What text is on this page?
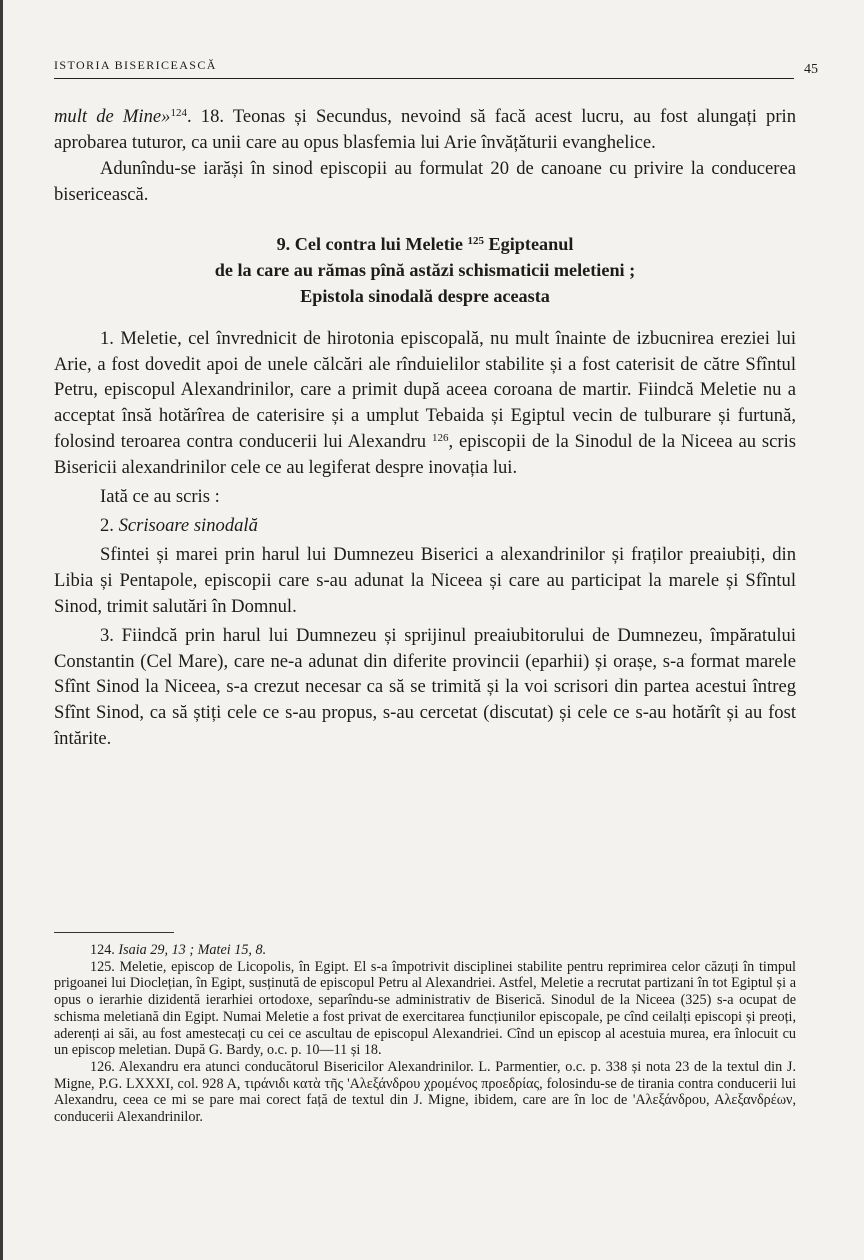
ISTORIA BISERICEASCĂ	45

mult de Mine»$^{124}$. 18. Teonas și Secundus, nevoind să facă acest lucru, au fost alungați prin aprobarea tuturor, ca unii care au opus blasfemia lui Arie învățăturii evanghelice.

Adunîndu-se iarăși în sinod episcopii au formulat 20 de canoane cu privire la conducerea bisericească.

9. Cel contra lui Meletie $^{125}$ Egipteanul
de la care au rămas pînă astăzi schismaticii meletieni ;
Epistola sinodală despre aceasta

1. Meletie, cel învrednicit de hirotonia episcopală, nu mult înainte de izbucnirea ereziei lui Arie, a fost dovedit apoi de unele călcări ale rînduielilor stabilite și a fost caterisit de către Sfîntul Petru, episcopul Alexandrinilor, care a primit după aceea coroana de martir. Fiindcă Meletie nu a acceptat însă hotărîrea de caterisire și a umplut Tebaida și Egiptul vecin de tulburare și furtună, folosind teroarea contra conducerii lui Alexandru $^{126}$, episcopii de la Sinodul de la Niceea au scris Bisericii alexandrinilor cele ce au legiferat despre inovația lui.

Iată ce au scris :

2. Scrisoare sinodală

Sfintei și marei prin harul lui Dumnezeu Biserici a alexandrinilor și fraților preaiubiți, din Libia și Pentapole, episcopii care s-au adunat la Niceea și care au participat la marele și Sfîntul Sinod, trimit salutări în Domnul.

3. Fiindcă prin harul lui Dumnezeu și sprijinul preaiubitorului de Dumnezeu, împăratului Constantin (Cel Mare), care ne-a adunat din diferite provincii (eparhii) și orașe, s-a format marele Sfînt Sinod la Niceea, s-a crezut necesar ca să se trimită și la voi scrisori din partea acestui întreg Sfînt Sinod, ca să știți cele ce s-au propus, s-au cercetat (discutat) și cele ce s-au hotărît și au fost întărite.

124. Isaia 29, 13 ; Matei 15, 8.

125. Meletie, episcop de Licopolis, în Egipt. El s-a împotrivit disciplinei stabilite pentru reprimirea celor căzuți în timpul prigoanei lui Dioclețian, în Egipt, susținută de episcopul Petru al Alexandriei. Astfel, Meletie a recrutat partizani în tot Egiptul și a opus o ierarhie dizidentă ierarhiei ortodoxe, separîndu-se administrativ de Biserică. Sinodul de la Niceea (325) s-a ocupat de schisma meletiană din Egipt. Numai Meletie a fost privat de exercitarea funcțiunilor episcopale, pe cînd ceilalți episcopi și preoți, aderenți ai săi, au fost amestecați cu cei ce ascultau de episcopul Alexandriei. Cînd un episcop al acestuia murea, era înlocuit cu un episcop meletian. După G. Bardy, o.c. p. 10—11 și 18.

126. Alexandru era atunci conducătorul Bisericilor Alexandrinilor. L. Parmentier, o.c. p. 338 și nota 23 de la textul din J. Migne, P.G. LXXXI, col. 928 A, τιράνιδι κατὰ τῆς 'Αλεξάνδρου χρομένος προεδρίας, folosindu-se de tirania contra conducerii lui Alexandru, ceea ce mi se pare mai corect față de textul din J. Migne, ibidem, care are în loc de 'Αλεξάνδρου, Αλεξανδρέων, conducerii Alexandrinilor.
